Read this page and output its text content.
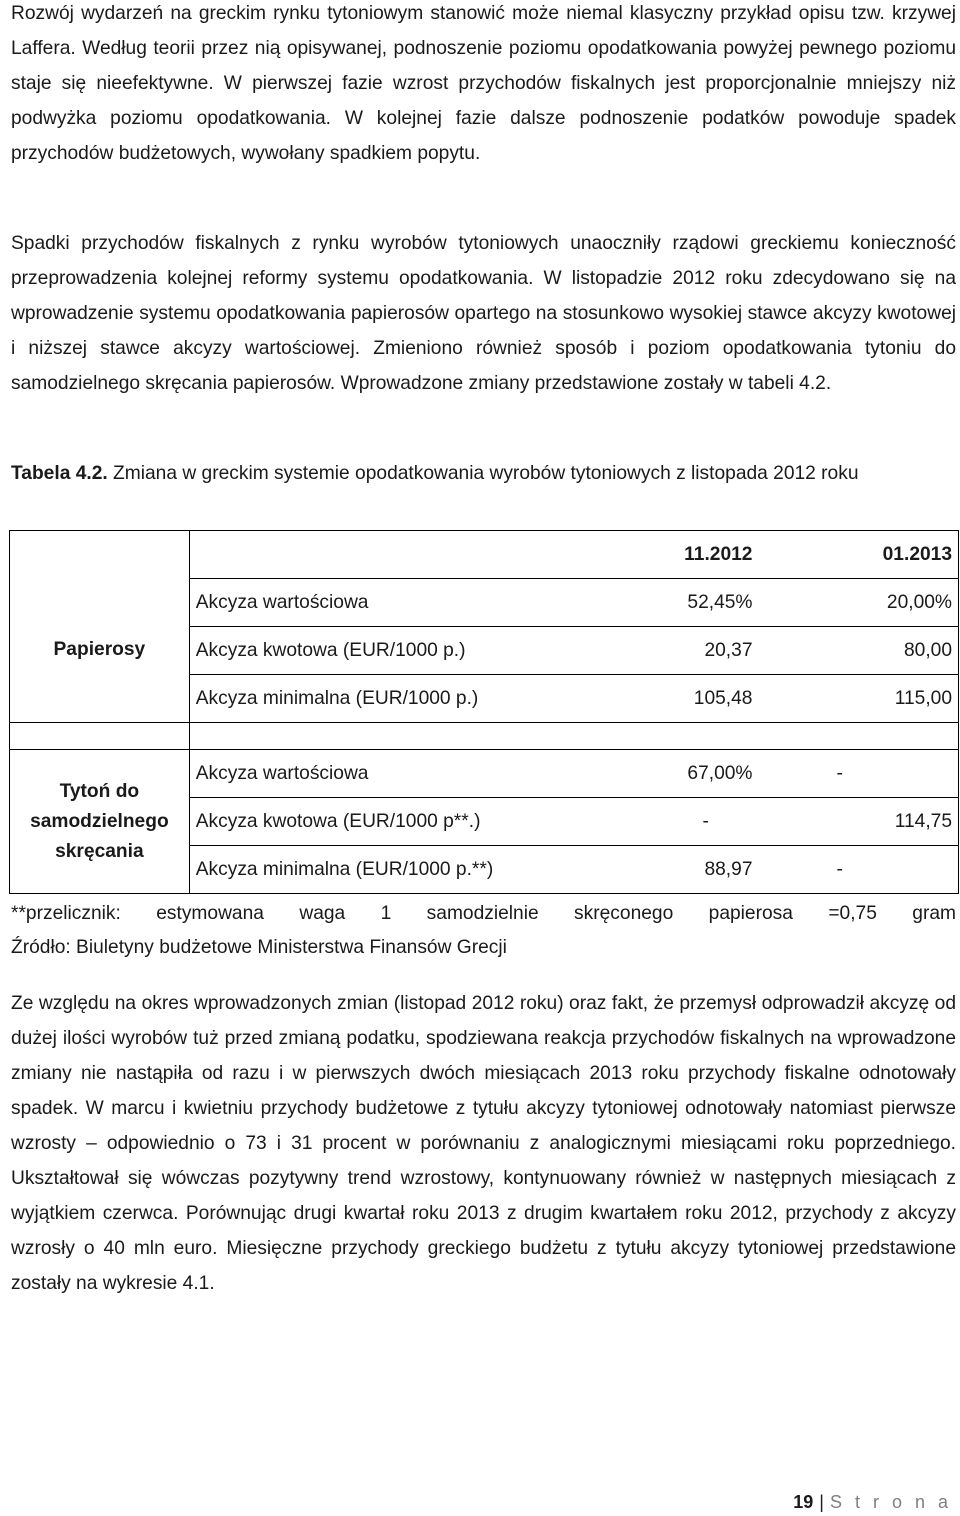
Rozwój wydarzeń na greckim rynku tytoniowym stanowić może niemal klasyczny przykład opisu tzw. krzywej Laffera. Według teorii przez nią opisywanej, podnoszenie poziomu opodatkowania powyżej pewnego poziomu staje się nieefektywne. W pierwszej fazie wzrost przychodów fiskalnych jest proporcjonalnie mniejszy niż podwyżka poziomu opodatkowania. W kolejnej fazie dalsze podnoszenie podatków powoduje spadek przychodów budżetowych, wywołany spadkiem popytu.

Spadki przychodów fiskalnych z rynku wyrobów tytoniowych unaoczniły rządowi greckiemu konieczność przeprowadzenia kolejnej reformy systemu opodatkowania. W listopadzie 2012 roku zdecydowano się na wprowadzenie systemu opodatkowania papierosów opartego na stosunkowo wysokiej stawce akcyzy kwotowej i niższej stawce akcyzy wartościowej. Zmieniono również sposób i poziom opodatkowania tytoniu do samodzielnego skręcania papierosów. Wprowadzone zmiany przedstawione zostały w tabeli 4.2.

Tabela 4.2. Zmiana w greckim systemie opodatkowania wyrobów tytoniowych z listopada 2012 roku

		11.2012	01.2013
Papierosy	Akcyza wartościowa	52,45%	20,00%
	Akcyza kwotowa (EUR/1000 p.)	20,37	80,00
	Akcyza minimalna (EUR/1000 p.)	105,48	115,00

Tytoń do
samodzielnego
skręcania	Akcyza wartościowa	67,00%	-
	Akcyza kwotowa (EUR/1000 p**.)	-	114,75
	Akcyza minimalna (EUR/1000 p.**)	88,97	-

**przelicznik: estymowana waga 1 samodzielnie skręconego papierosa =0,75 gram

Źródło: Biuletyny budżetowe Ministerstwa Finansów Grecji

Ze względu na okres wprowadzonych zmian (listopad 2012 roku) oraz fakt, że przemysł odprowadził akcyzę od dużej ilości wyrobów tuż przed zmianą podatku, spodziewana reakcja przychodów fiskalnych na wprowadzone zmiany nie nastąpiła od razu i w pierwszych dwóch miesiącach 2013 roku przychody fiskalne odnotowały spadek. W marcu i kwietniu przychody budżetowe z tytułu akcyzy tytoniowej odnotowały natomiast pierwsze wzrosty – odpowiednio o 73 i 31 procent w porównaniu z analogicznymi miesiącami roku poprzedniego. Ukształtował się wówczas pozytywny trend wzrostowy, kontynuowany również w następnych miesiącach z wyjątkiem czerwca. Porównując drugi kwartał roku 2013 z drugim kwartałem roku 2012, przychody z akcyzy wzrosły o 40 mln euro. Miesięczne przychody greckiego budżetu z tytułu akcyzy tytoniowej przedstawione zostały na wykresie 4.1.

19 | S t r o n a
